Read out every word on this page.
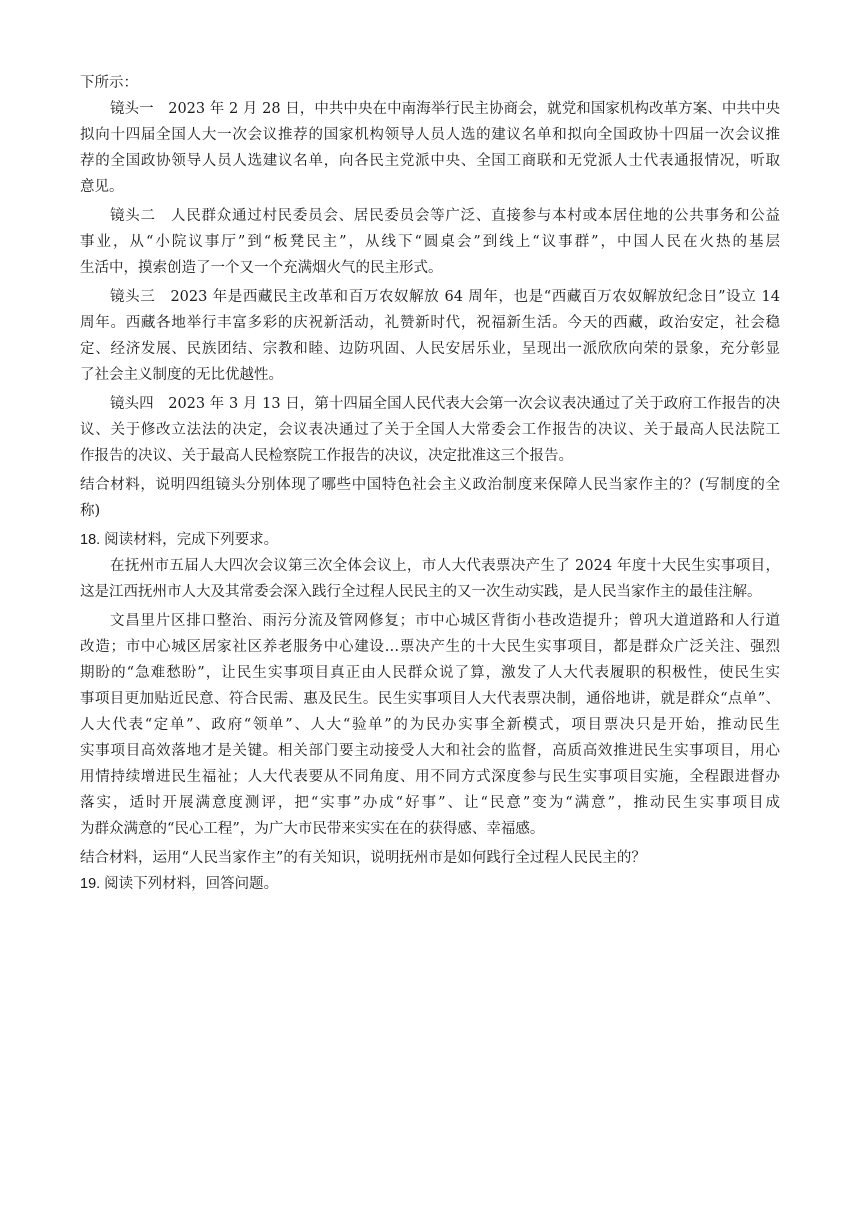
下所示：

镜头一　2023 年 2 月 28 日，中共中央在中南海举行民主协商会，就党和国家机构改革方案、中共中央

拟向十四届全国人大一次会议推荐的国家机构领导人员人选的建议名单和拟向全国政协十四届一次会议推

荐的全国政协领导人员人选建议名单，向各民主党派中央、全国工商联和无党派人士代表通报情况，听取

意见。

镜头二　人民群众通过村民委员会、居民委员会等广泛、直接参与本村或本居住地的公共事务和公益

事业，从“小院议事厅”到“板凳民主”，从线下“圆桌会”到线上“议事群”，中国人民在火热的基层

生活中，摸索创造了一个又一个充满烟火气的民主形式。

镜头三　2023 年是西藏民主改革和百万农奴解放 64 周年，也是“西藏百万农奴解放纪念日”设立 14

周年。西藏各地举行丰富多彩的庆祝新活动，礼赞新时代，祝福新生活。今天的西藏，政治安定，社会稳

定、经济发展、民族团结、宗教和睦、边防巩固、人民安居乐业，呈现出一派欣欣向荣的景象，充分彰显

了社会主义制度的无比优越性。

镜头四　2023 年 3 月 13 日，第十四届全国人民代表大会第一次会议表决通过了关于政府工作报告的决

议、关于修改立法法的决定，会议表决通过了关于全国人大常委会工作报告的决议、关于最高人民法院工

作报告的决议、关于最高人民检察院工作报告的决议，决定批准这三个报告。

结合材料，说明四组镜头分别体现了哪些中国特色社会主义政治制度来保障人民当家作主的？(写制度的全

称)

18. 阅读材料，完成下列要求。

在抚州市五届人大四次会议第三次全体会议上，市人大代表票决产生了 2024 年度十大民生实事项目，

这是江西抚州市人大及其常委会深入践行全过程人民民主的又一次生动实践，是人民当家作主的最佳注解。

文昌里片区排口整治、雨污分流及管网修复；市中心城区背街小巷改造提升；曾巩大道道路和人行道

改造；市中心城区居家社区养老服务中心建设…票决产生的十大民生实事项目，都是群众广泛关注、强烈

期盼的“急难愁盼”，让民生实事项目真正由人民群众说了算，激发了人大代表履职的积极性，使民生实

事项目更加贴近民意、符合民需、惠及民生。民生实事项目人大代表票决制，通俗地讲，就是群众“点单”、

人大代表“定单”、政府“领单”、人大“验单”的为民办实事全新模式，项目票决只是开始，推动民生

实事项目高效落地才是关键。相关部门要主动接受人大和社会的监督，高质高效推进民生实事项目，用心

用情持续增进民生福祉；人大代表要从不同角度、用不同方式深度参与民生实事项目实施，全程跟进督办

落实，适时开展满意度测评，把“实事”办成“好事”、让“民意”变为“满意”，推动民生实事项目成

为群众满意的“民心工程”，为广大市民带来实实在在的获得感、幸福感。

结合材料，运用“人民当家作主”的有关知识，说明抚州市是如何践行全过程人民民主的？

19. 阅读下列材料，回答问题。
